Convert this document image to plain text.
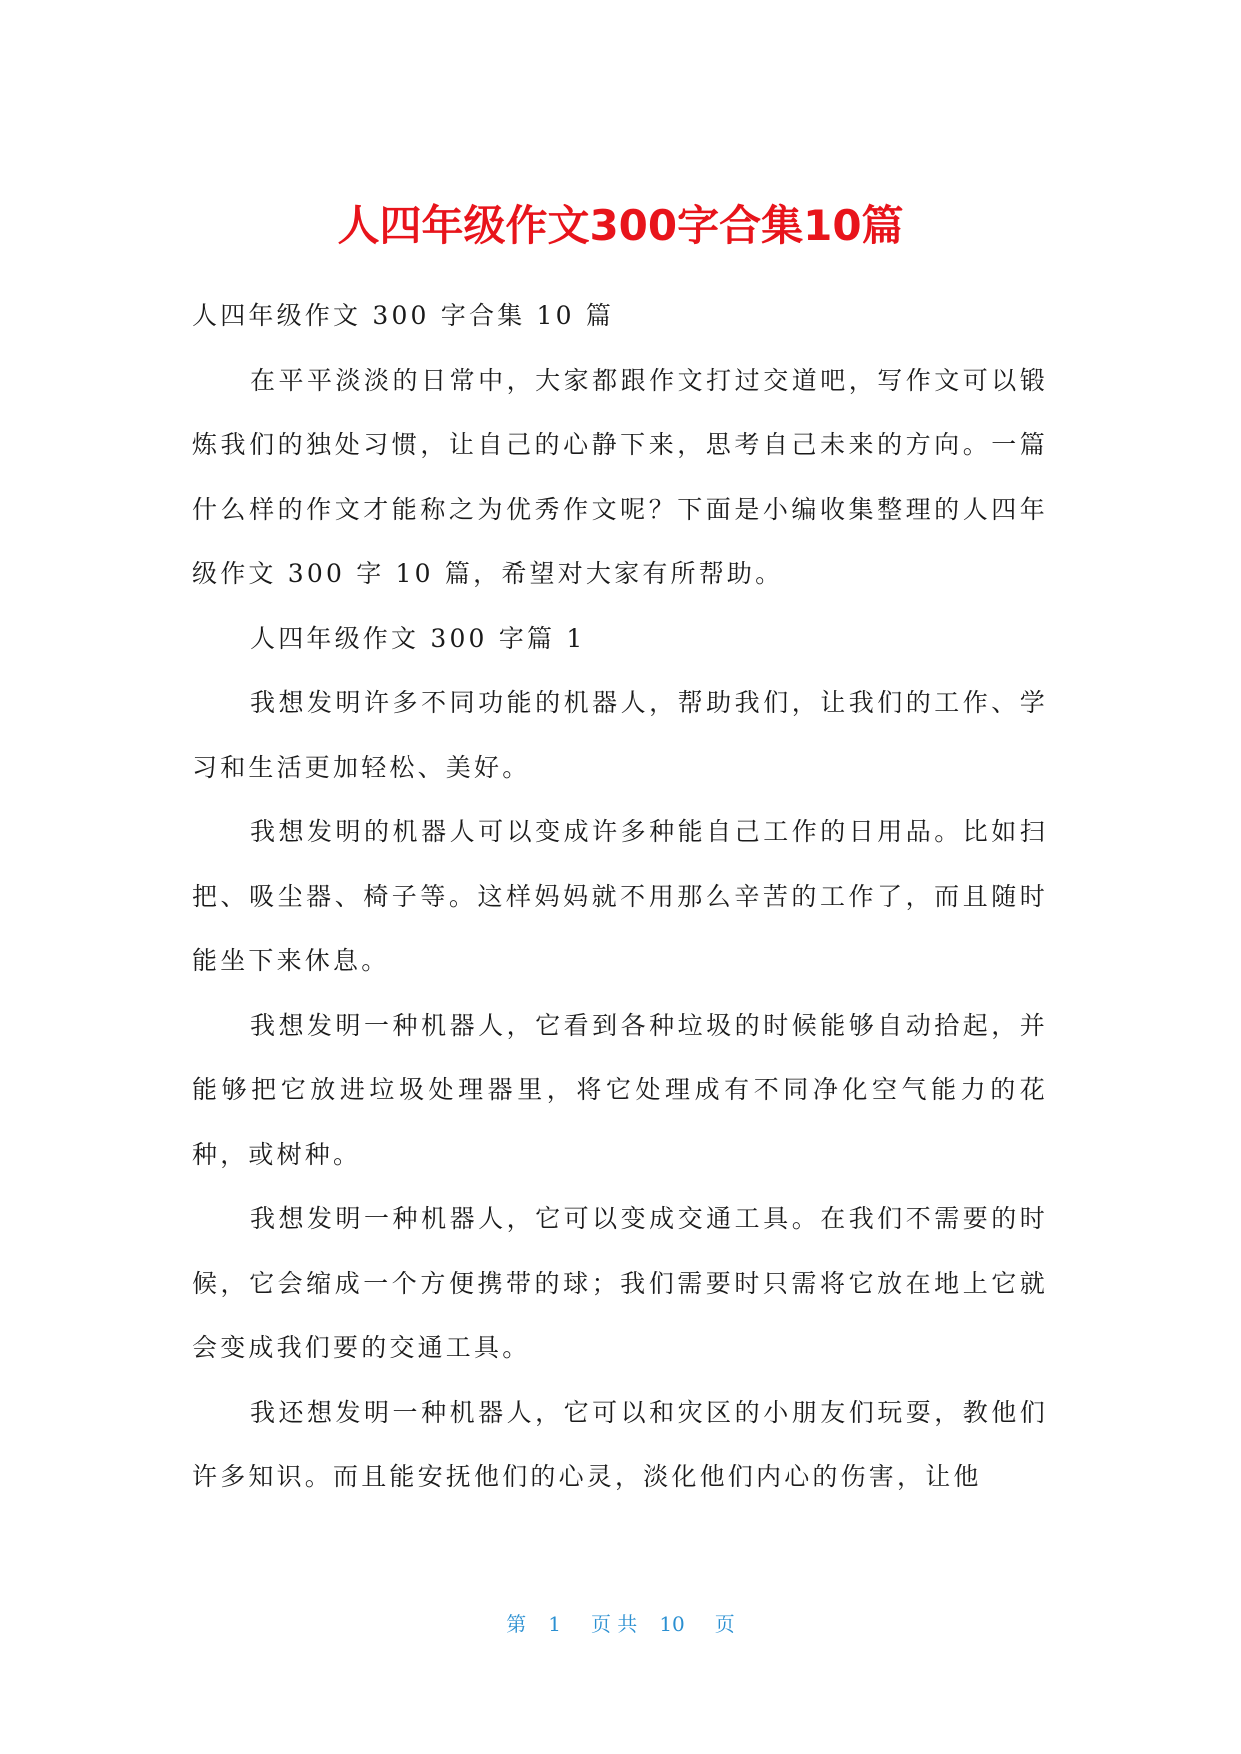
人四年级作文300字合集10篇

人四年级作文 300 字合集 10 篇

在平平淡淡的日常中，大家都跟作文打过交道吧，写作文可以锻炼我们的独处习惯，让自己的心静下来，思考自己未来的方向。一篇什么样的作文才能称之为优秀作文呢？下面是小编收集整理的人四年级作文 300 字 10 篇，希望对大家有所帮助。

人四年级作文 300 字篇 1

我想发明许多不同功能的机器人，帮助我们，让我们的工作、学习和生活更加轻松、美好。

我想发明的机器人可以变成许多种能自己工作的日用品。比如扫把、吸尘器、椅子等。这样妈妈就不用那么辛苦的工作了，而且随时能坐下来休息。

我想发明一种机器人，它看到各种垃圾的时候能够自动拾起，并能够把它放进垃圾处理器里，将它处理成有不同净化空气能力的花种，或树种。

我想发明一种机器人，它可以变成交通工具。在我们不需要的时候，它会缩成一个方便携带的球；我们需要时只需将它放在地上它就会变成我们要的交通工具。

我还想发明一种机器人，它可以和灾区的小朋友们玩耍，教他们许多知识。而且能安抚他们的心灵，淡化他们内心的伤害，让他

第 1 页 共 10 页
